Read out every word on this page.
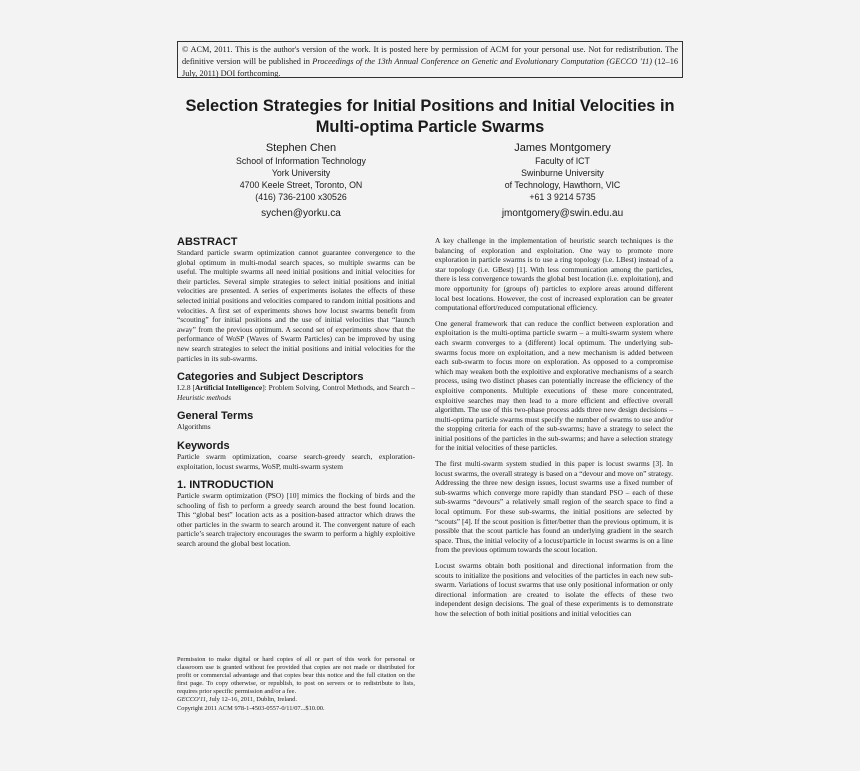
© ACM, 2011. This is the author's version of the work. It is posted here by permission of ACM for your personal use. Not for redistribution. The definitive version will be published in Proceedings of the 13th Annual Conference on Genetic and Evolutionary Computation (GECCO '11) (12–16 July, 2011) DOI forthcoming.
Selection Strategies for Initial Positions and Initial Velocities in Multi-optima Particle Swarms
Stephen Chen
School of Information Technology
York University
4700 Keele Street, Toronto, ON
(416) 736-2100 x30526
sychen@yorku.ca
James Montgomery
Faculty of ICT
Swinburne University
of Technology, Hawthorn, VIC
+61 3 9214 5735
jmontgomery@swin.edu.au
ABSTRACT

Standard particle swarm optimization cannot guarantee convergence to the global optimum in multi-modal search spaces, so multiple swarms can be useful. The multiple swarms all need initial positions and initial velocities for their particles. Several simple strategies to select initial positions and initial velocities are presented. A series of experiments isolates the effects of these selected initial positions and velocities compared to random initial positions and velocities. A first set of experiments shows how locust swarms benefit from “scouting” for initial positions and the use of initial velocities that “launch away” from the previous optimum. A second set of experiments show that the performance of WoSP (Waves of Swarm Particles) can be improved by using new search strategies to select the initial positions and initial velocities for the particles in its sub-swarms.

Categories and Subject Descriptors

I.2.8 [Artificial Intelligence]: Problem Solving, Control Methods, and Search – Heuristic methods

General Terms

Algorithms

Keywords

Particle swarm optimization, coarse search-greedy search, exploration-exploitation, locust swarms, WoSP, multi-swarm system

1. INTRODUCTION

Particle swarm optimization (PSO) [10] mimics the flocking of birds and the schooling of fish to perform a greedy search around the best found location. This “global best” location acts as a position-based attractor which draws the other particles in the swarm to search around it. The convergent nature of each particle’s search trajectory encourages the swarm to perform a highly exploitive search around the global best location.

Permission to make digital or hard copies of all or part of this work for personal or classroom use is granted without fee provided that copies are not made or distributed for profit or commercial advantage and that copies bear this notice and the full citation on the first page. To copy otherwise, or republish, to post on servers or to redistribute to lists, requires prior specific permission and/or a fee.
GECCO'11, July 12–16, 2011, Dublin, Ireland.
Copyright 2011 ACM 978-1-4503-0557-0/11/07...$10.00.

A key challenge in the implementation of heuristic search techniques is the balancing of exploration and exploitation. One way to promote more exploration in particle swarms is to use a ring topology (i.e. LBest) instead of a star topology (i.e. GBest) [1]. With less communication among the particles, there is less convergence towards the global best location (i.e. exploitation), and more opportunity for (groups of) particles to explore areas around different local best locations. However, the cost of increased exploration can be greater computational effort/reduced computational efficiency.

One general framework that can reduce the conflict between exploration and exploitation is the multi-optima particle swarm – a multi-swarm system where each swarm converges to a (different) local optimum. The underlying sub-swarms focus more on exploitation, and a new mechanism is added between each sub-swarm to focus more on exploration. As opposed to a compromise which may weaken both the exploitive and explorative mechanisms of a search process, using two distinct phases can potentially increase the efficiency of the exploitive components. Multiple executions of these more concentrated, exploitive searches may then lead to a more efficient and effective overall algorithm. The use of this two-phase process adds three new design decisions – multi-optima particle swarms must specify the number of swarms to use and/or the stopping criteria for each of the sub-swarms; have a strategy to select the initial positions of the particles in the sub-swarms; and have a selection strategy for the initial velocities of these particles.

The first multi-swarm system studied in this paper is locust swarms [3]. In locust swarms, the overall strategy is based on a “devour and move on” strategy. Addressing the three new design issues, locust swarms use a fixed number of sub-swarms which converge more rapidly than standard PSO – each of these sub-swarms “devours” a relatively small region of the search space to find a local optimum. For these sub-swarms, the initial positions are selected by “scouts” [4]. If the scout position is fitter/better than the previous optimum, it is possible that the scout particle has found an underlying gradient in the search space. Thus, the initial velocity of a locust/particle in locust swarms is on a line from the previous optimum towards the scout location.

Locust swarms obtain both positional and directional information from the scouts to initialize the positions and velocities of the particles in each new sub-swarm. Variations of locust swarms that use only positional information or only directional information are created to isolate the effects of these two independent design decisions. The goal of these experiments is to demonstrate how the selection of both initial positions and initial velocities can
